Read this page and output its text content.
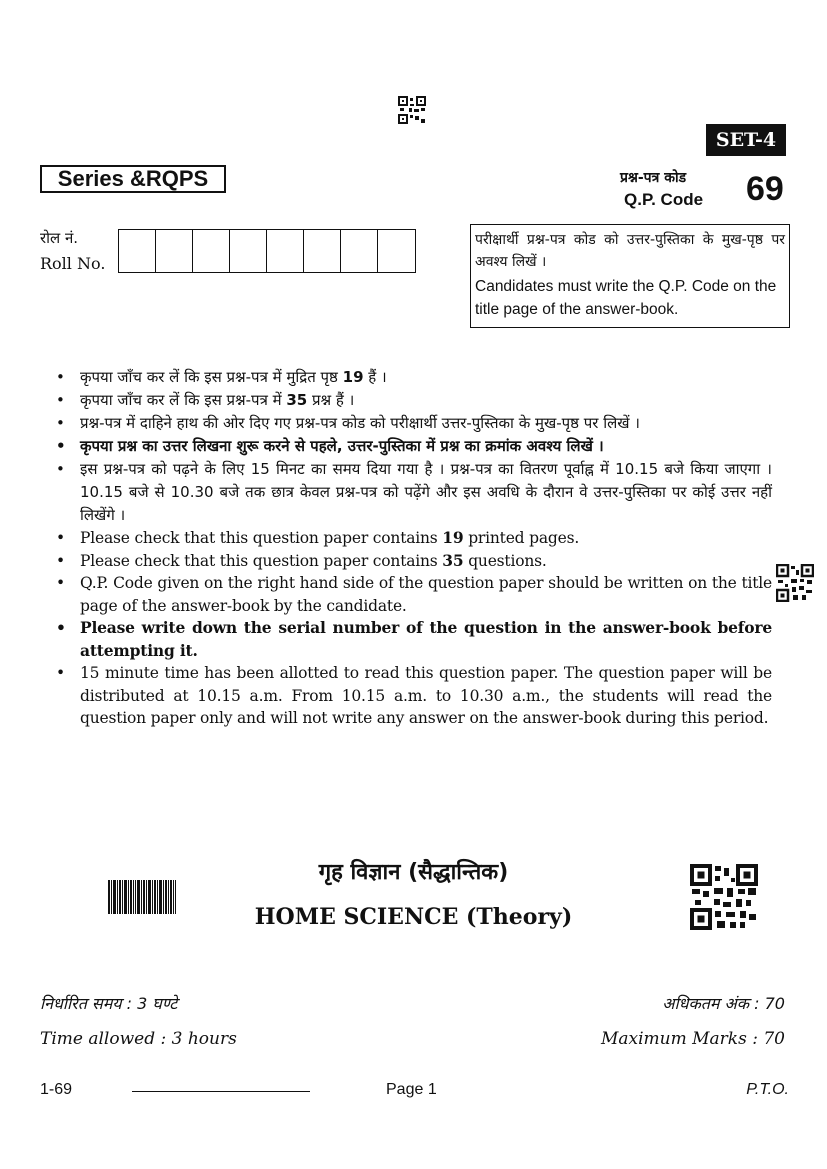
SET-4
Series &RQPS	प्रश्न-पत्र कोड
Q.P. Code 69
रोल नं.
Roll No.
परीक्षार्थी प्रश्न-पत्र कोड को उत्तर-पुस्तिका के मुख-पृष्ठ पर अवश्य लिखें ।
Candidates must write the Q.P. Code on the title page of the answer-book.
• कृपया जाँच कर लें कि इस प्रश्न-पत्र में मुद्रित पृष्ठ 19 हैं ।
• कृपया जाँच कर लें कि इस प्रश्न-पत्र में 35 प्रश्न हैं ।
• प्रश्न-पत्र में दाहिने हाथ की ओर दिए गए प्रश्न-पत्र कोड को परीक्षार्थी उत्तर-पुस्तिका के मुख-पृष्ठ पर लिखें ।
• कृपया प्रश्न का उत्तर लिखना शुरू करने से पहले, उत्तर-पुस्तिका में प्रश्न का क्रमांक अवश्य लिखें ।
• इस प्रश्न-पत्र को पढ़ने के लिए 15 मिनट का समय दिया गया है । प्रश्न-पत्र का वितरण पूर्वाह्न में 10.15 बजे किया जाएगा । 10.15 बजे से 10.30 बजे तक छात्र केवल प्रश्न-पत्र को पढ़ेंगे और इस अवधि के दौरान वे उत्तर-पुस्तिका पर कोई उत्तर नहीं लिखेंगे ।
• Please check that this question paper contains 19 printed pages.
• Please check that this question paper contains 35 questions.
• Q.P. Code given on the right hand side of the question paper should be written on the title page of the answer-book by the candidate.
• Please write down the serial number of the question in the answer-book before attempting it.
• 15 minute time has been allotted to read this question paper. The question paper will be distributed at 10.15 a.m. From 10.15 a.m. to 10.30 a.m., the students will read the question paper only and will not write any answer on the answer-book during this period.
गृह विज्ञान (सैद्धान्तिक)
HOME SCIENCE (Theory)
निर्धारित समय : 3 घण्टे
Time allowed : 3 hours
अधिकतम अंक : 70
Maximum Marks : 70
1-69	Page 1	P.T.O.
